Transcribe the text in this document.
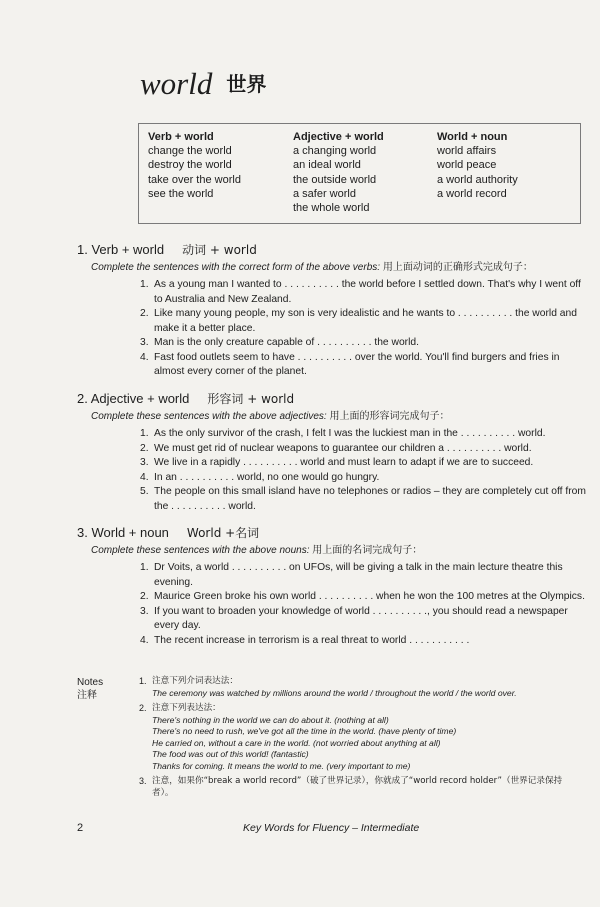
world 世界
Verb + world
change the world
destroy the world
take over the world
see the world
Adjective + world
a changing world
an ideal world
the outside world
a safer world
the whole world
World + noun
world affairs
world peace
a world authority
a world record
1. Verb + world 动词 + world
Complete the sentences with the correct form of the above verbs: 用上面动词的正确形式完成句子：
1. As a young man I wanted to . . . . . . . . . . the world before I settled down. That's why I went off to Australia and New Zealand.
2. Like many young people, my son is very idealistic and he wants to . . . . . . . . . . the world and make it a better place.
3. Man is the only creature capable of . . . . . . . . . . the world.
4. Fast food outlets seem to have . . . . . . . . . . over the world. You'll find burgers and fries in almost every corner of the planet.
2. Adjective + world 形容词 + world
Complete these sentences with the above adjectives: 用上面的形容词完成句子：
1. As the only survivor of the crash, I felt I was the luckiest man in the . . . . . . . . . . world.
2. We must get rid of nuclear weapons to guarantee our children a . . . . . . . . . . world.
3. We live in a rapidly . . . . . . . . . . world and must learn to adapt if we are to succeed.
4. In an . . . . . . . . . . world, no one would go hungry.
5. The people on this small island have no telephones or radios – they are completely cut off from the . . . . . . . . . . world.
3. World + noun World +名词
Complete these sentences with the above nouns: 用上面的名词完成句子：
1. Dr Voits, a world . . . . . . . . . . on UFOs, will be giving a talk in the main lecture theatre this evening.
2. Maurice Green broke his own world . . . . . . . . . . when he won the 100 metres at the Olympics.
3. If you want to broaden your knowledge of world . . . . . . . . . ., you should read a newspaper every day.
4. The recent increase in terrorism is a real threat to world . . . . . . . . . . .
Notes
注释
1. 注意下列介词表达法：
The ceremony was watched by millions around the world / throughout the world / the world over.
2. 注意下列表达法：
There's nothing in the world we can do about it. (nothing at all)
There's no need to rush, we've got all the time in the world. (have plenty of time)
He carried on, without a care in the world. (not worried about anything at all)
The food was out of this world! (fantastic)
Thanks for coming. It means the world to me. (very important to me)
3. 注意，如果你“break a world record”（破了世界记录），你就成了“world record holder”（世界记录保持者）。
2	Key Words for Fluency – Intermediate
